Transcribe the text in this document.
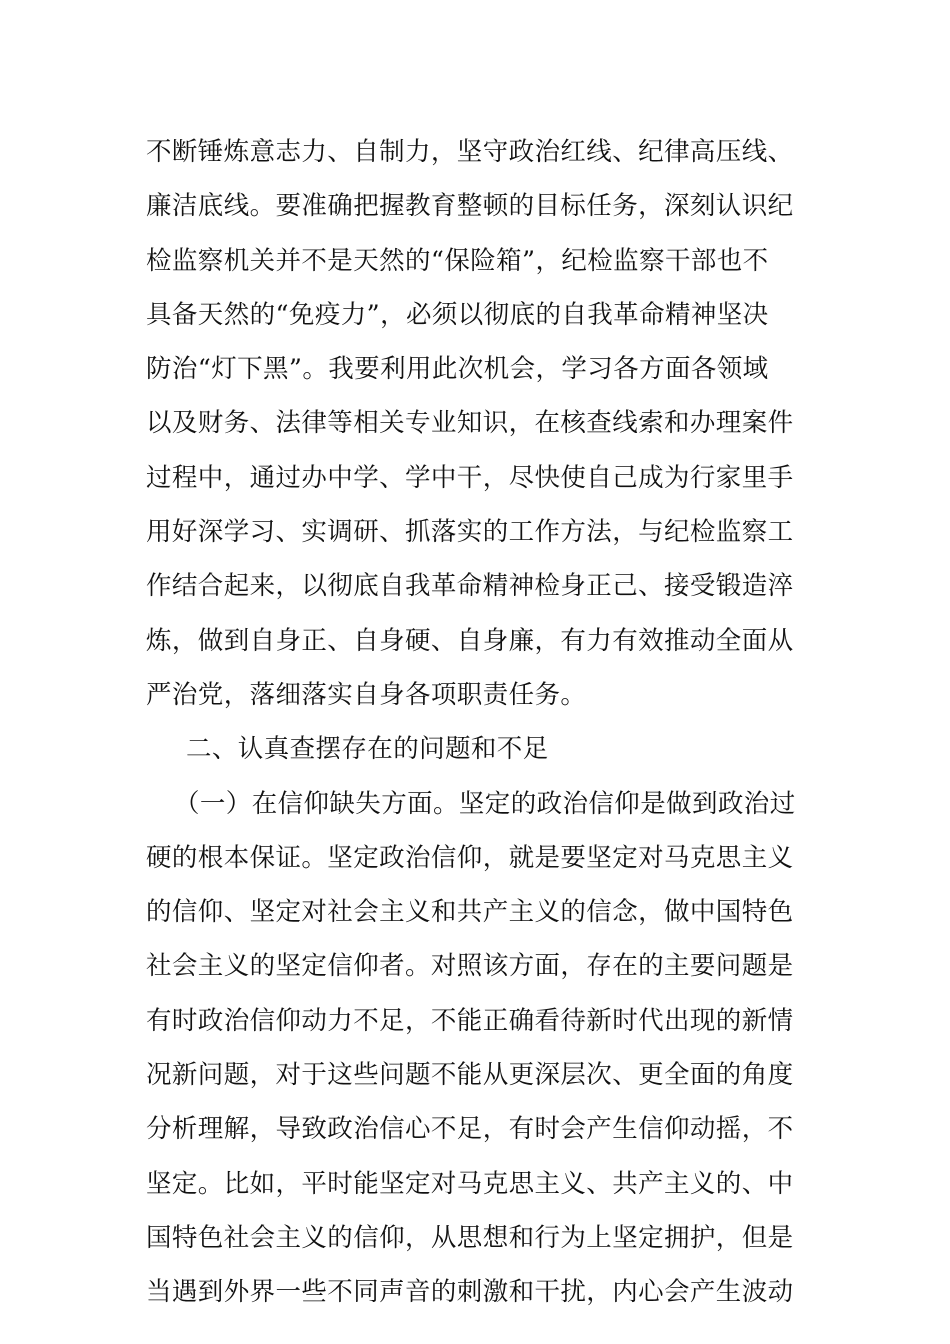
不断锤炼意志力、自制力，坚守政治红线、纪律高压线、
廉洁底线。要准确把握教育整顿的目标任务，深刻认识纪
检监察机关并不是天然的“保险箱”，纪检监察干部也不
具备天然的“免疫力”，必须以彻底的自我革命精神坚决
防治“灯下黑”。我要利用此次机会，学习各方面各领域
以及财务、法律等相关专业知识，在核查线索和办理案件
过程中，通过办中学、学中干，尽快使自己成为行家里手
用好深学习、实调研、抓落实的工作方法，与纪检监察工
作结合起来，以彻底自我革命精神检身正己、接受锻造淬
炼，做到自身正、自身硬、自身廉，有力有效推动全面从
严治党，落细落实自身各项职责任务。
二、认真查摆存在的问题和不足
（一）在信仰缺失方面。坚定的政治信仰是做到政治过
硬的根本保证。坚定政治信仰，就是要坚定对马克思主义
的信仰、坚定对社会主义和共产主义的信念，做中国特色
社会主义的坚定信仰者。对照该方面，存在的主要问题是
有时政治信仰动力不足，不能正确看待新时代出现的新情
况新问题，对于这些问题不能从更深层次、更全面的角度
分析理解，导致政治信心不足，有时会产生信仰动摇，不
坚定。比如，平时能坚定对马克思主义、共产主义的、中
国特色社会主义的信仰，从思想和行为上坚定拥护，但是
当遇到外界一些不同声音的刺激和干扰，内心会产生波动
